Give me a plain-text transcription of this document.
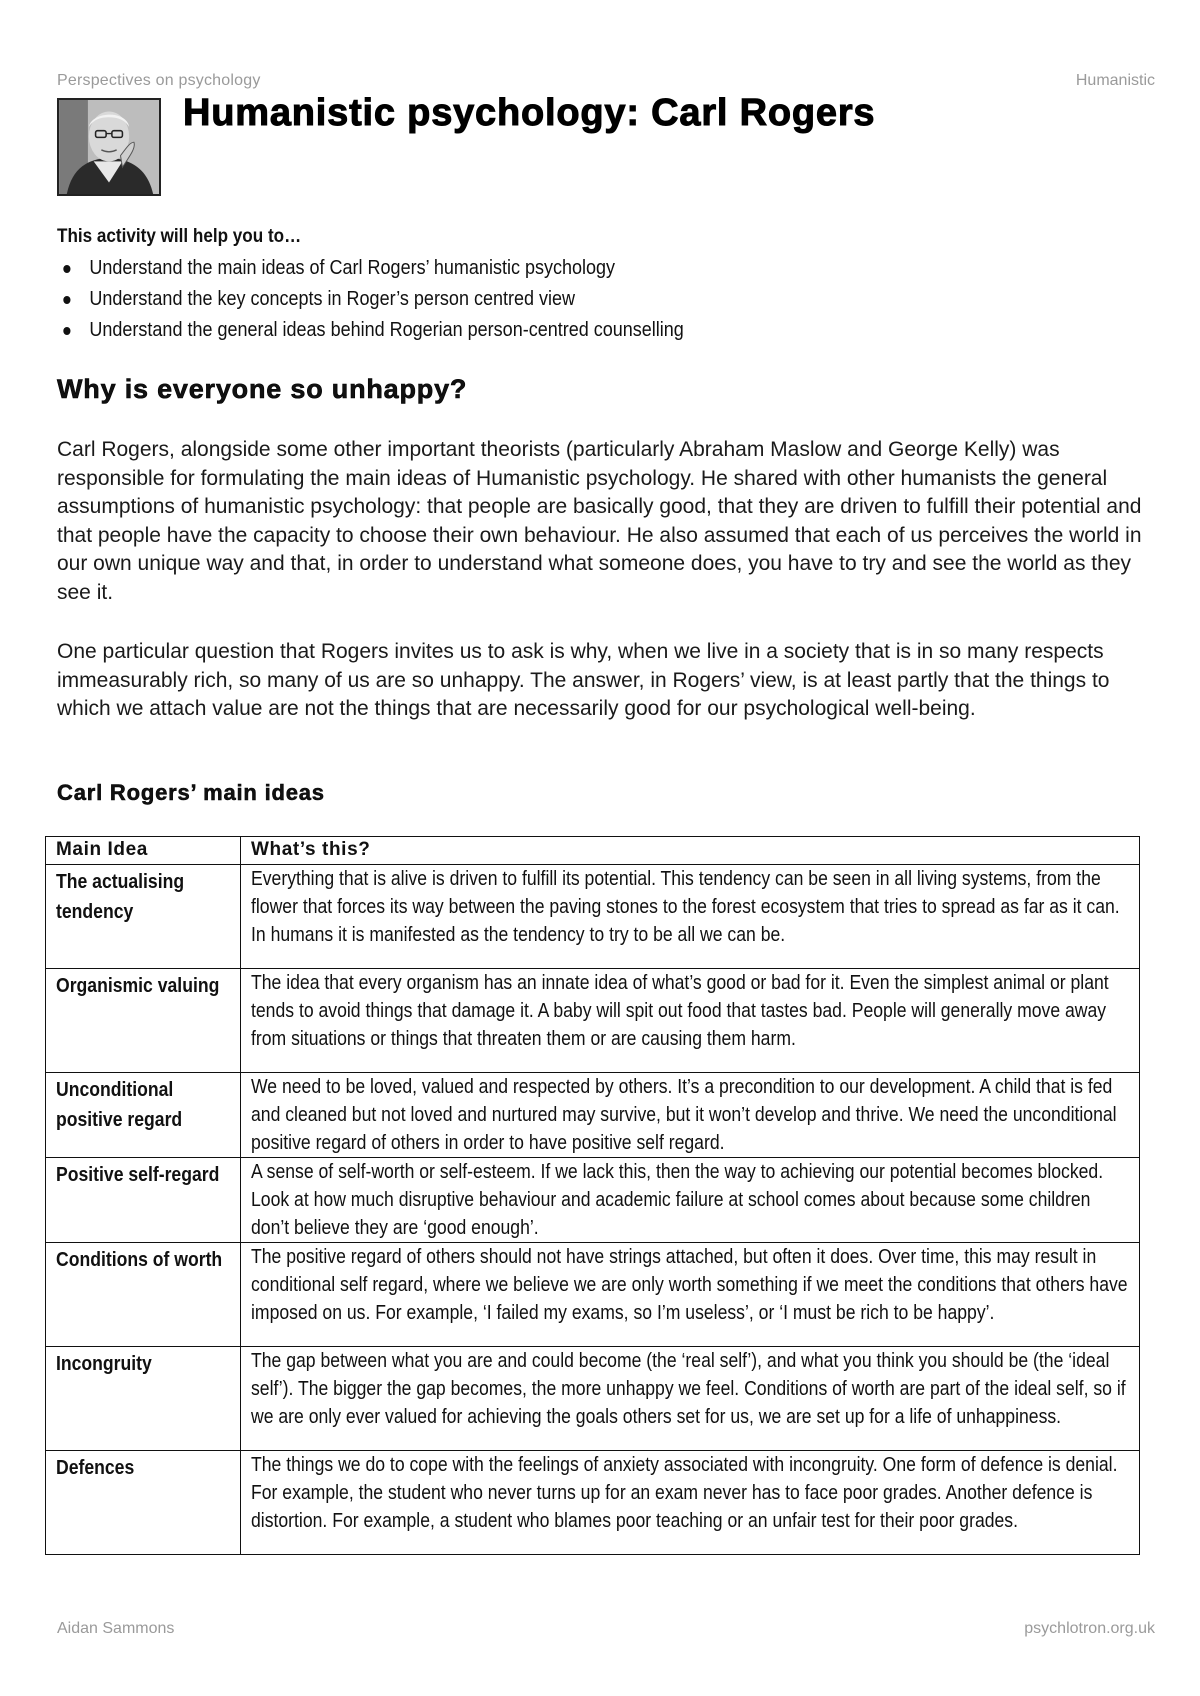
Perspectives on psychology	Humanistic
Humanistic psychology: Carl Rogers
This activity will help you to…
Understand the main ideas of Carl Rogers’ humanistic psychology
Understand the key concepts in Roger’s person centred view
Understand the general ideas behind Rogerian person-centred counselling
Why is everyone so unhappy?

Carl Rogers, alongside some other important theorists (particularly Abraham Maslow and George Kelly) was responsible for formulating the main ideas of Humanistic psychology. He shared with other humanists the general assumptions of humanistic psychology: that people are basically good, that they are driven to fulfill their potential and that people have the capacity to choose their own behaviour. He also assumed that each of us perceives the world in our own unique way and that, in order to understand what someone does, you have to try and see the world as they see it.

One particular question that Rogers invites us to ask is why, when we live in a society that is in so many respects immeasurably rich, so many of us are so unhappy. The answer, in Rogers’ view, is at least partly that the things to which we attach value are not the things that are necessarily good for our psychological well-being.

Carl Rogers’ main ideas
Main Idea	What’s this?

The actualising tendency	Everything that is alive is driven to fulfill its potential. This tendency can be seen in all living systems, from the flower that forces its way between the paving stones to the forest ecosystem that tries to spread as far as it can. In humans it is manifested as the tendency to try to be all we can be.

Organismic valuing	The idea that every organism has an innate idea of what’s good or bad for it. Even the simplest animal or plant tends to avoid things that damage it. A baby will spit out food that tastes bad. People will generally move away from situations or things that threaten them or are causing them harm.

Unconditional positive regard	We need to be loved, valued and respected by others. It’s a precondition to our development. A child that is fed and cleaned but not loved and nurtured may survive, but it won’t develop and thrive. We need the unconditional positive regard of others in order to have positive self regard.

Positive self-regard	A sense of self-worth or self-esteem. If we lack this, then the way to achieving our potential becomes blocked. Look at how much disruptive behaviour and academic failure at school comes about because some children don’t believe they are ‘good enough’.

Conditions of worth	The positive regard of others should not have strings attached, but often it does. Over time, this may result in conditional self regard, where we believe we are only worth something if we meet the conditions that others have imposed on us. For example, ‘I failed my exams, so I’m useless’, or ‘I must be rich to be happy’.

Incongruity	The gap between what you are and could become (the ‘real self’), and what you think you should be (the ‘ideal self’). The bigger the gap becomes, the more unhappy we feel. Conditions of worth are part of the ideal self, so if we are only ever valued for achieving the goals others set for us, we are set up for a life of unhappiness.

Defences	The things we do to cope with the feelings of anxiety associated with incongruity. One form of defence is denial. For example, the student who never turns up for an exam never has to face poor grades. Another defence is distortion. For example, a student who blames poor teaching or an unfair test for their poor grades.
Aidan Sammons	psychlotron.org.uk
